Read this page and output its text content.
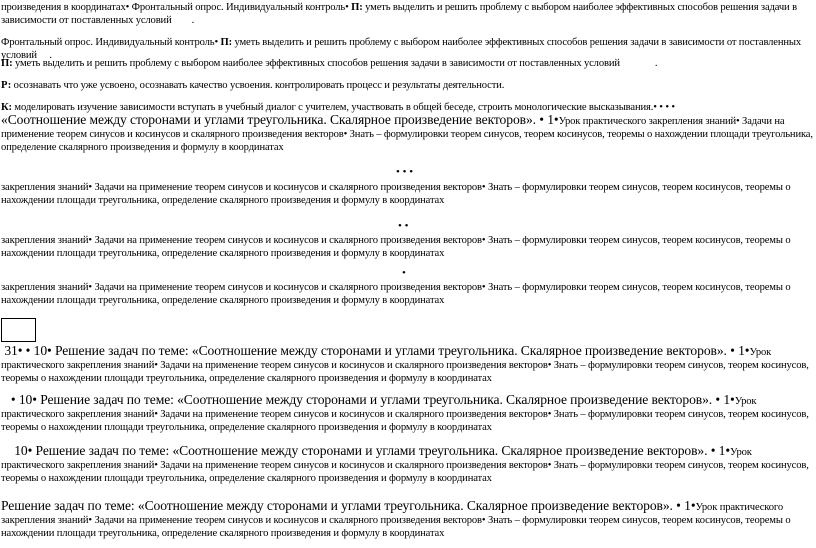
произведения в координатах• Фронтальный опрос. Индивидуальный контроль• П: уметь выделить и решить проблему с выбором наиболее эффективных способов решения задачи в зависимости от поставленных условий        .
Фронтальный опрос. Индивидуальный контроль• П: уметь выделить и решить проблему с выбором наиболее эффективных способов решения задачи в зависимости от поставленных условий     .
П: уметь выделить и решить проблему с выбором наиболее эффективных способов решения задачи в зависимости от поставленных условий              .
Р: осознавать что уже усвоено, осознавать качество усвоения. контролировать процесс и результаты деятельности.
К: моделировать изучение зависимости вступать в учебный диалог с учителем, участвовать в общей беседе, строить монологические высказывания.• • • •
«Соотношение между сторонами и углами треугольника. Скалярное произведение векторов». • 1•Урок практического закрепления знаний• Задачи на применение теорем синусов и косинусов и скалярного произведения векторов• Знать – формулировки теорем синусов, теорем косинусов, теоремы о нахождении площади треугольника, определение скалярного произведения и формулу в координатах
• • •
закрепления знаний• Задачи на применение теорем синусов и косинусов и скалярного произведения векторов• Знать – формулировки теорем синусов, теорем косинусов, теоремы о нахождении площади треугольника, определение скалярного произведения и формулу в координатах
• •
закрепления знаний• Задачи на применение теорем синусов и косинусов и скалярного произведения векторов• Знать – формулировки теорем синусов, теорем косинусов, теоремы о нахождении площади треугольника, определение скалярного произведения и формулу в координатах
•
закрепления знаний• Задачи на применение теорем синусов и косинусов и скалярного произведения векторов• Знать – формулировки теорем синусов, теорем косинусов, теоремы о нахождении площади треугольника, определение скалярного произведения и формулу в координатах
31• • 10• Решение задач по теме: «Соотношение между сторонами и углами треугольника. Скалярное произведение векторов». • 1•Урок практического закрепления знаний• Задачи на применение теорем синусов и косинусов и скалярного произведения векторов• Знать – формулировки теорем синусов, теорем косинусов, теоремы о нахождении площади треугольника, определение скалярного произведения и формулу в координатах
• 10• Решение задач по теме: «Соотношение между сторонами и углами треугольника. Скалярное произведение векторов». • 1•Урок практического закрепления знаний• Задачи на применение теорем синусов и косинусов и скалярного произведения векторов• Знать – формулировки теорем синусов, теорем косинусов, теоремы о нахождении площади треугольника, определение скалярного произведения и формулу в координатах
10• Решение задач по теме: «Соотношение между сторонами и углами треугольника. Скалярное произведение векторов». • 1•Урок практического закрепления знаний• Задачи на применение теорем синусов и косинусов и скалярного произведения векторов• Знать – формулировки теорем синусов, теорем косинусов, теоремы о нахождении площади треугольника, определение скалярного произведения и формулу в координатах
Решение задач по теме: «Соотношение между сторонами и углами треугольника. Скалярное произведение векторов». • 1•Урок практического закрепления знаний• Задачи на применение теорем синусов и косинусов и скалярного произведения векторов• Знать – формулировки теорем синусов, теорем косинусов, теоремы о нахождении площади треугольника, определение скалярного произведения и формулу в координатах
